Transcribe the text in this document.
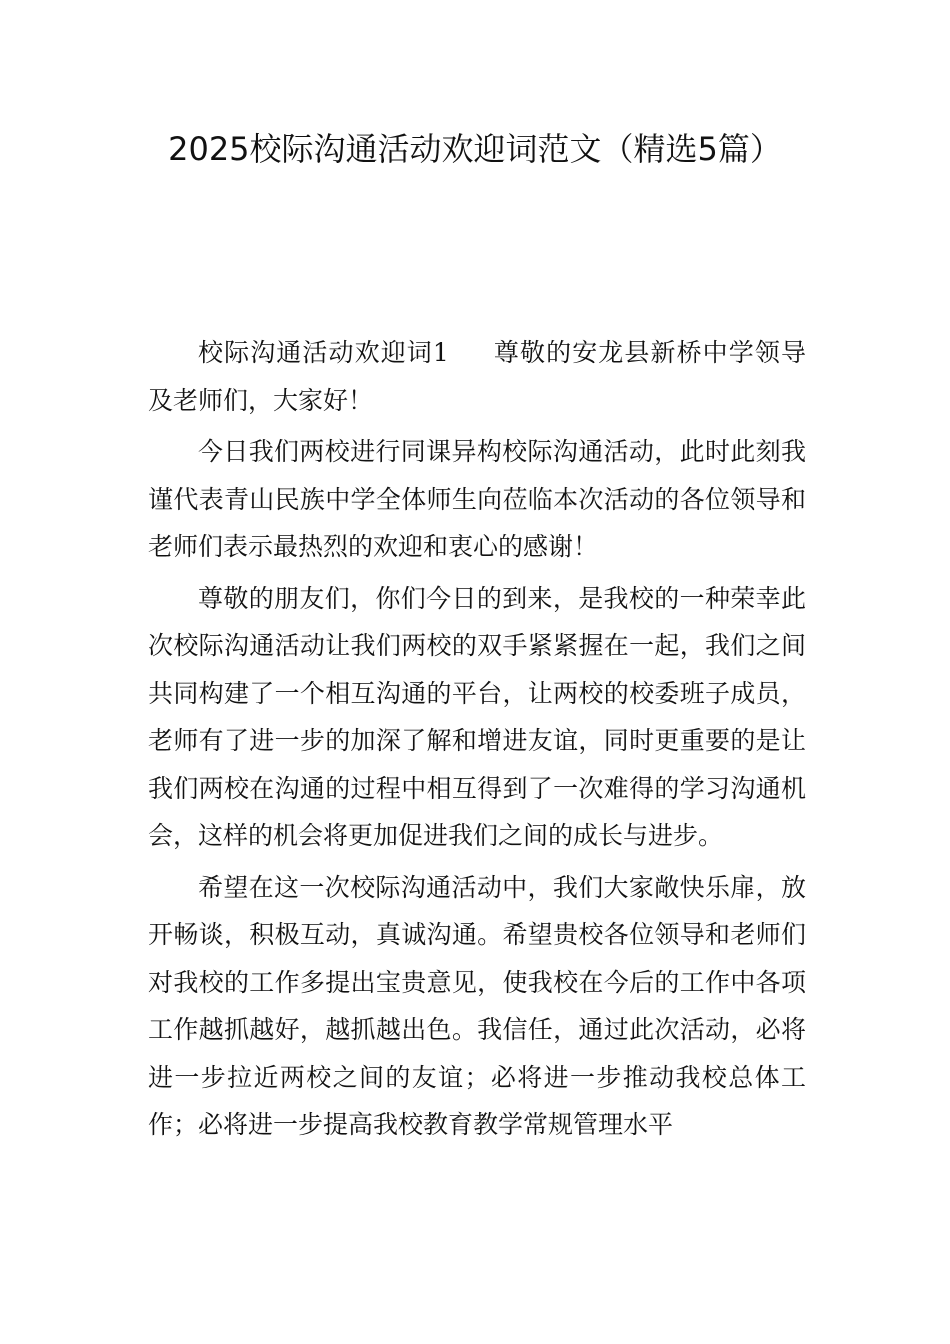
2025校际沟通活动欢迎词范文（精选5篇）

校际沟通活动欢迎词1 尊敬的安龙县新桥中学领导及老师们，大家好！

今日我们两校进行同课异构校际沟通活动，此时此刻我谨代表青山民族中学全体师生向莅临本次活动的各位领导和老师们表示最热烈的欢迎和衷心的感谢！

尊敬的朋友们，你们今日的到来，是我校的一种荣幸此次校际沟通活动让我们两校的双手紧紧握在一起，我们之间共同构建了一个相互沟通的平台，让两校的校委班子成员，老师有了进一步的加深了解和增进友谊，同时更重要的是让我们两校在沟通的过程中相互得到了一次难得的学习沟通机会，这样的机会将更加促进我们之间的成长与进步。

希望在这一次校际沟通活动中，我们大家敞快乐扉，放开畅谈，积极互动，真诚沟通。希望贵校各位领导和老师们对我校的工作多提出宝贵意见，使我校在今后的工作中各项工作越抓越好，越抓越出色。我信任，通过此次活动，必将进一步拉近两校之间的友谊；必将进一步推动我校总体工作；必将进一步提高我校教育教学常规管理水平
